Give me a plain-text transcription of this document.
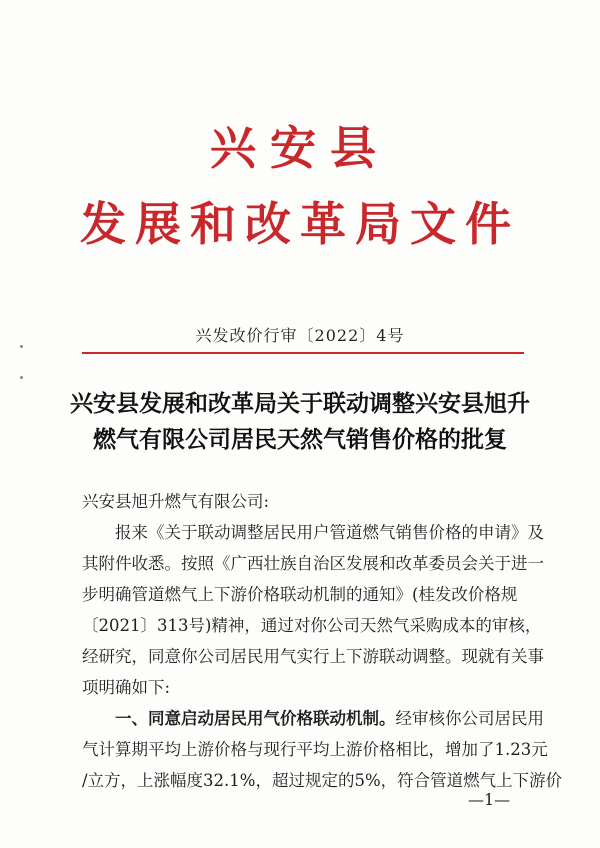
兴安县
发展和改革局文件
兴发改价行审〔2022〕4号
兴安县发展和改革局关于联动调整兴安县旭升
燃气有限公司居民天然气销售价格的批复
兴安县旭升燃气有限公司:
报来《关于联动调整居民用户管道燃气销售价格的申请》及
其附件收悉。按照《广西壮族自治区发展和改革委员会关于进一
步明确管道燃气上下游价格联动机制的通知》(桂发改价格规
〔2021〕313号)精神，通过对你公司天然气采购成本的审核，
经研究，同意你公司居民用气实行上下游联动调整。现就有关事
项明确如下:
一、同意启动居民用气价格联动机制。经审核你公司居民用
气计算期平均上游价格与现行平均上游价格相比，增加了1.23元
/立方，上涨幅度32.1%，超过规定的5%，符合管道燃气上下游价
—1—
